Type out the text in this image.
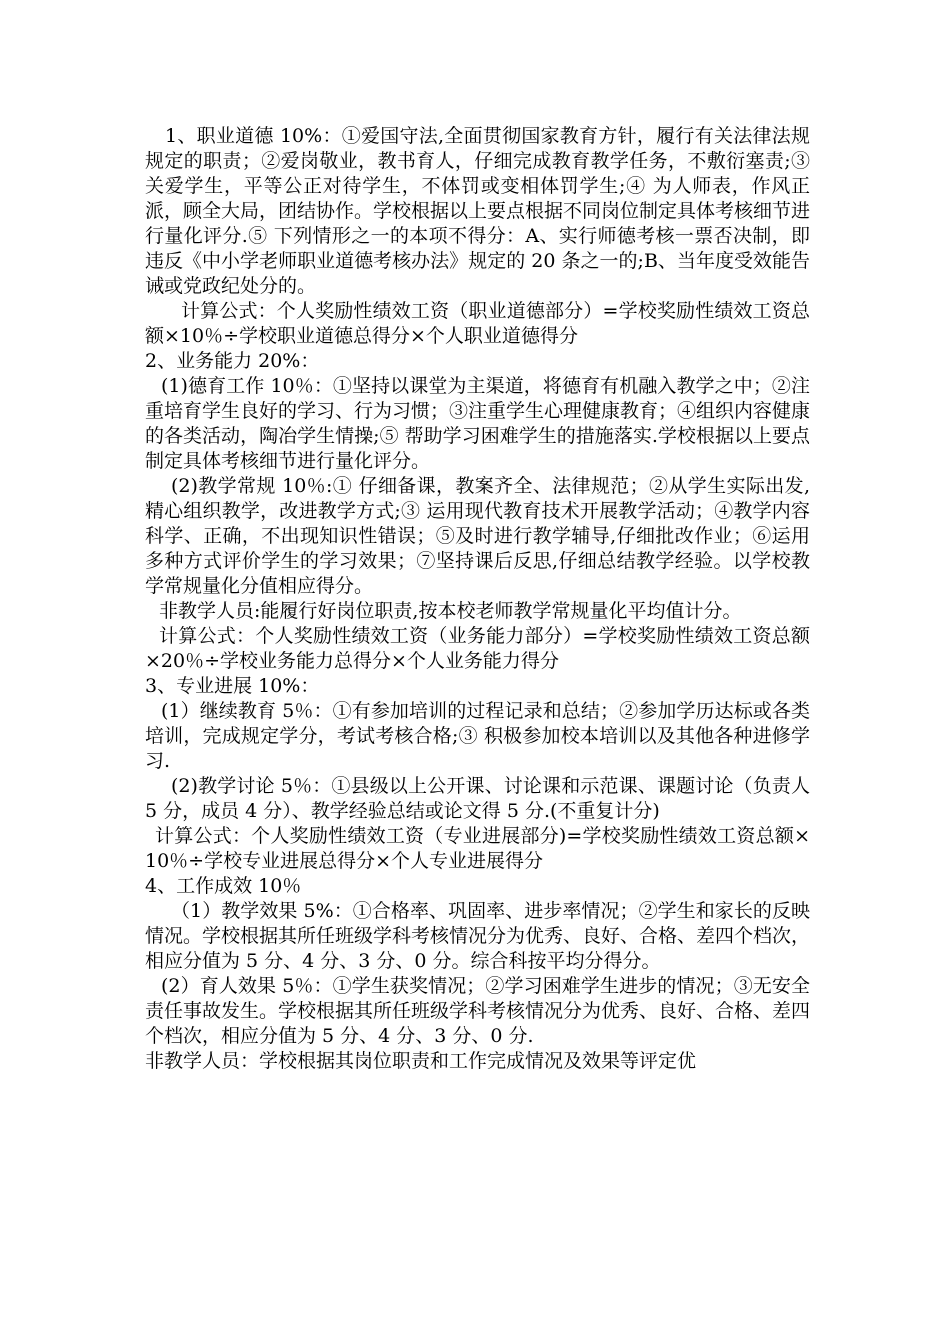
1、职业道德 10%：①爱国守法,全面贯彻国家教育方针，履行有关法律法规规定的职责；②爱岗敬业，教书育人，仔细完成教育教学任务，不敷衍塞责;③ 关爱学生，平等公正对待学生，不体罚或变相体罚学生;④ 为人师表，作风正派，顾全大局，团结协作。学校根据以上要点根据不同岗位制定具体考核细节进行量化评分.⑤ 下列情形之一的本项不得分：A、实行师德考核一票否决制，即违反《中小学老师职业道德考核办法》规定的 20 条之一的;B、当年度受效能告诫或党政纪处分的。

计算公式：个人奖励性绩效工资（职业道德部分）=学校奖励性绩效工资总额×10％÷学校职业道德总得分×个人职业道德得分

2、业务能力 20%：

(1)德育工作 10％：①坚持以课堂为主渠道，将德育有机融入教学之中；②注重培育学生良好的学习、行为习惯；③注重学生心理健康教育；④组织内容健康的各类活动，陶冶学生情操;⑤ 帮助学习困难学生的措施落实.学校根据以上要点制定具体考核细节进行量化评分。

(2)教学常规 10％:① 仔细备课，教案齐全、法律规范；②从学生实际出发,精心组织教学，改进教学方式;③ 运用现代教育技术开展教学活动；④教学内容科学、正确，不出现知识性错误；⑤及时进行教学辅导,仔细批改作业；⑥运用多种方式评价学生的学习效果；⑦坚持课后反思,仔细总结教学经验。以学校教学常规量化分值相应得分。

非教学人员:能履行好岗位职责,按本校老师教学常规量化平均值计分。

计算公式：个人奖励性绩效工资（业务能力部分）=学校奖励性绩效工资总额×20％÷学校业务能力总得分×个人业务能力得分

3、专业进展 10%：

(1）继续教育 5％：①有参加培训的过程记录和总结；②参加学历达标或各类培训，完成规定学分，考试考核合格;③ 积极参加校本培训以及其他各种进修学习.

(2)教学讨论 5％：①县级以上公开课、讨论课和示范课、课题讨论（负责人 5 分，成员 4 分）、教学经验总结或论文得 5 分.(不重复计分)

计算公式：个人奖励性绩效工资（专业进展部分)=学校奖励性绩效工资总额×10％÷学校专业进展总得分×个人专业进展得分

4、工作成效 10％

（1）教学效果 5%：①合格率、巩固率、进步率情况；②学生和家长的反映情况。学校根据其所任班级学科考核情况分为优秀、良好、合格、差四个档次，相应分值为 5 分、4 分、3 分、0 分。综合科按平均分得分。

(2）育人效果 5％：①学生获奖情况；②学习困难学生进步的情况；③无安全责任事故发生。学校根据其所任班级学科考核情况分为优秀、良好、合格、差四个档次，相应分值为 5 分、4 分、3 分、0 分.

非教学人员：学校根据其岗位职责和工作完成情况及效果等评定优
